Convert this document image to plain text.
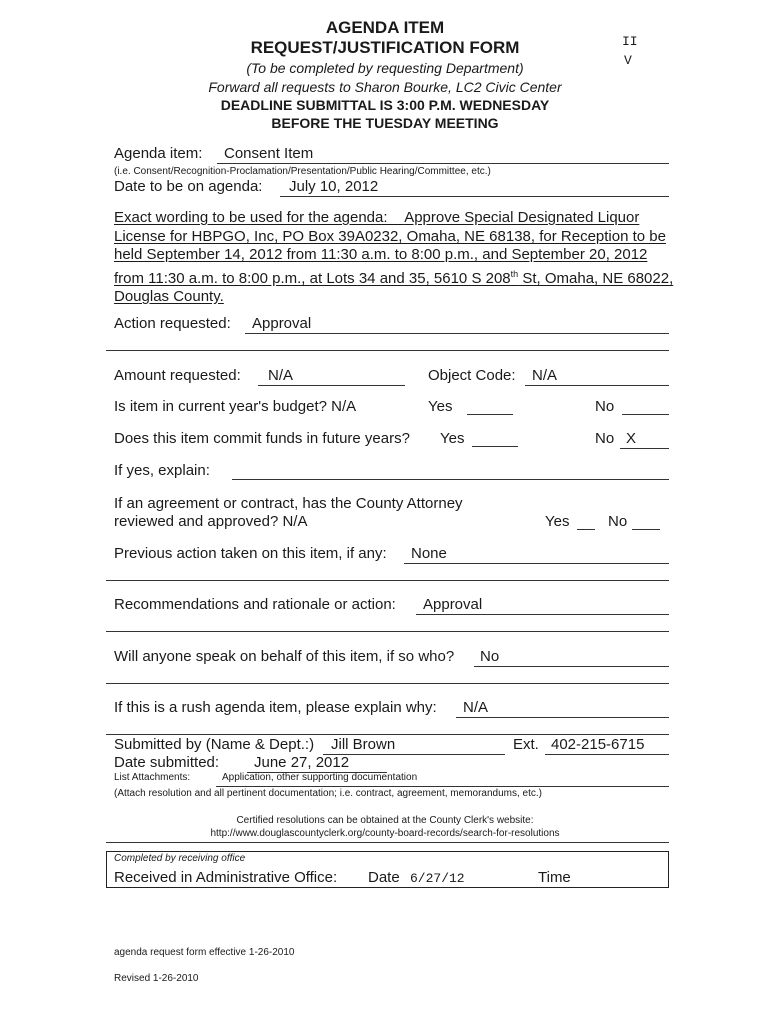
AGENDA ITEM
REQUEST/JUSTIFICATION FORM
(To be completed by requesting Department)
Forward all requests to Sharon Bourke, LC2 Civic Center
DEADLINE SUBMITTAL IS 3:00 P.M. WEDNESDAY
BEFORE THE TUESDAY MEETING
II
V
Agenda item: Consent Item
(i.e. Consent/Recognition-Proclamation/Presentation/Public Hearing/Committee, etc.)
Date to be on agenda: July 10, 2012
Exact wording to be used for the agenda: Approve Special Designated Liquor License for HBPGO, Inc, PO Box 39A0232, Omaha, NE 68138, for Reception to be held September 14, 2012 from 11:30 a.m. to 8:00 p.m., and September 20, 2012 from 11:30 a.m. to 8:00 p.m., at Lots 34 and 35, 5610 S 208th St, Omaha, NE 68022, Douglas County.
Action requested: Approval
Amount requested: N/A	Object Code: N/A
Is item in current year's budget? N/A	Yes	No
Does this item commit funds in future years? Yes	No X
If yes, explain:
If an agreement or contract, has the County Attorney
reviewed and approved? N/A	Yes	No
Previous action taken on this item, if any: None
Recommendations and rationale or action: Approval
Will anyone speak on behalf of this item, if so who? No
If this is a rush agenda item, please explain why: N/A
Submitted by (Name & Dept.:) Jill Brown	Ext. 402-215-6715
Date submitted: June 27, 2012
List Attachments:	Application, other supporting documentation
(Attach resolution and all pertinent documentation; i.e. contract, agreement, memorandums, etc.)
Certified resolutions can be obtained at the County Clerk's website:
http://www.douglascountyclerk.org/county-board-records/search-for-resolutions
Completed by receiving office
Received in Administrative Office: Date 6/27/12	Time
agenda request form effective 1-26-2010
Revised 1-26-2010
